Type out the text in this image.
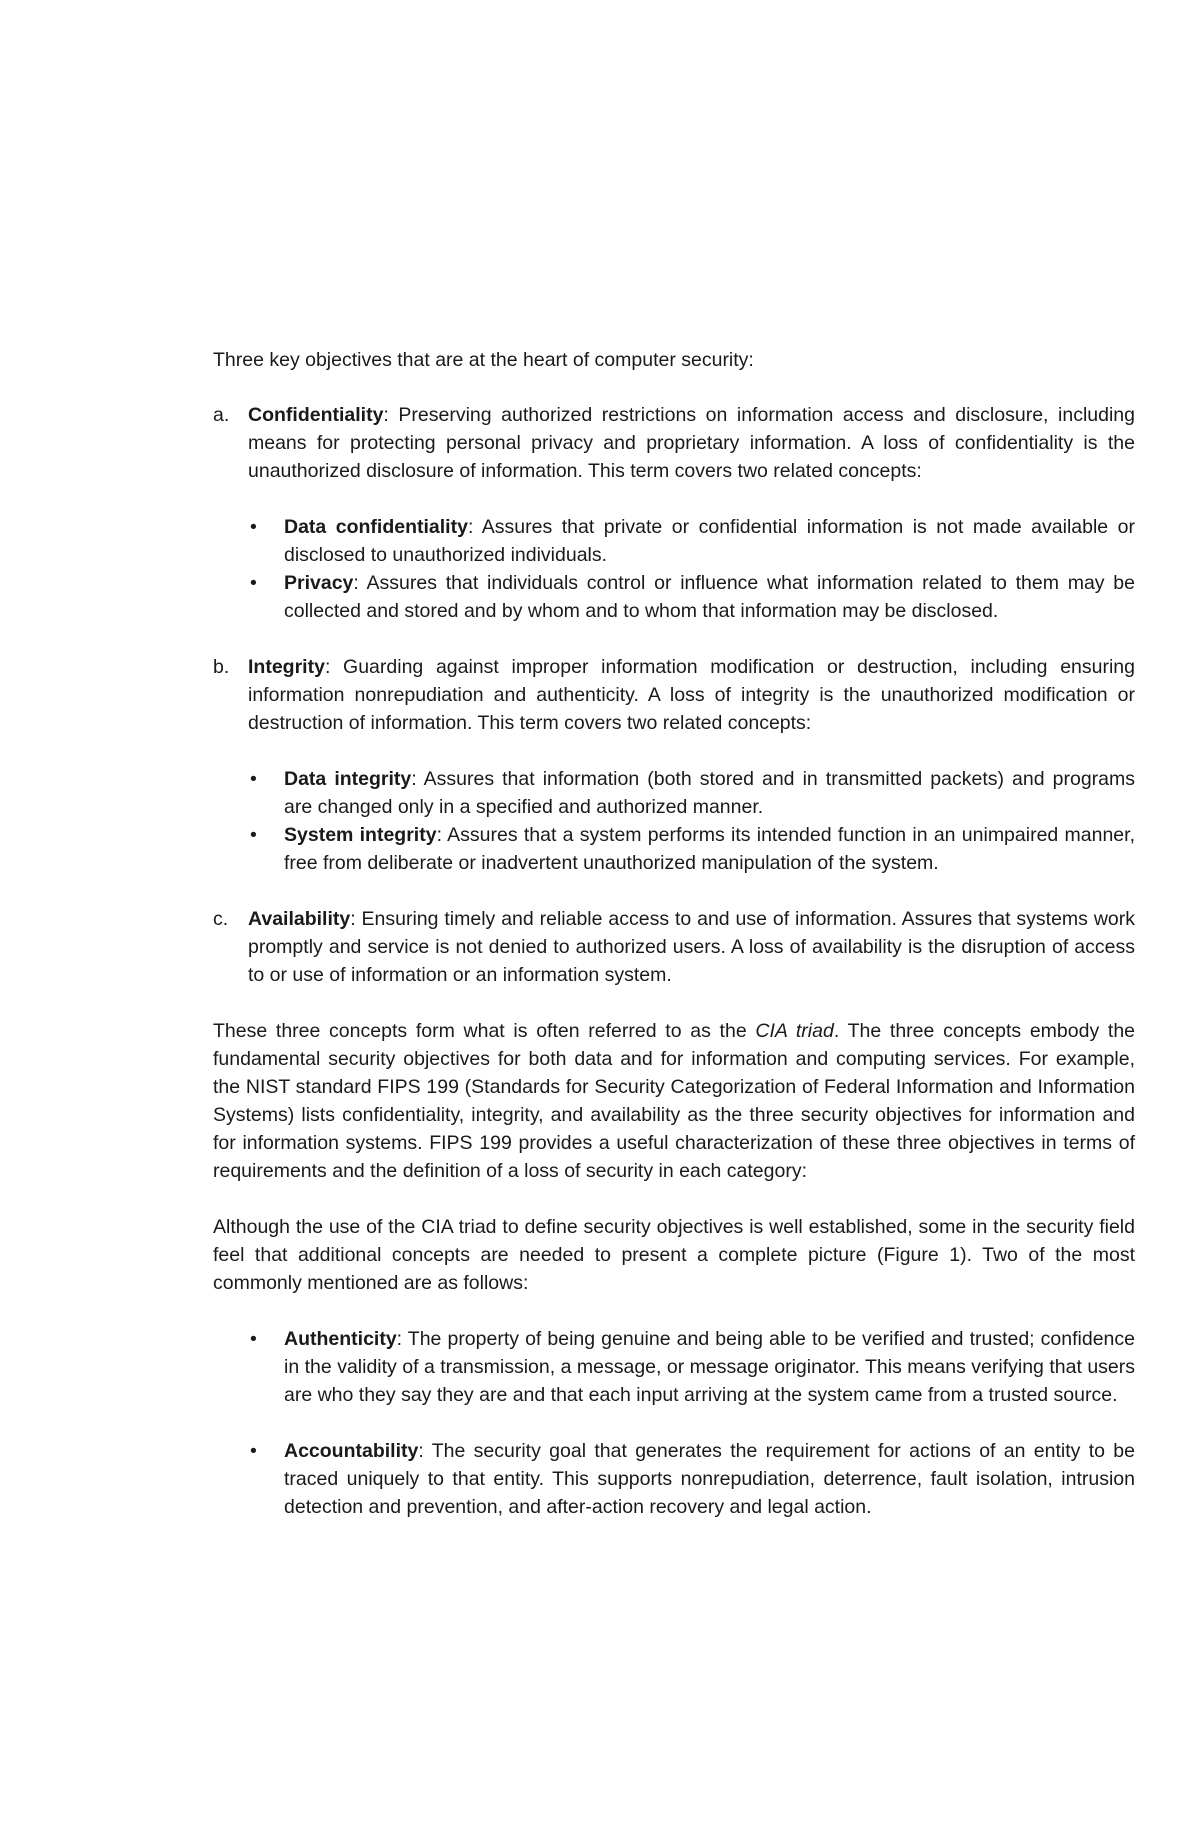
Three key objectives that are at the heart of computer security:

a. Confidentiality: Preserving authorized restrictions on information access and disclosure, including means for protecting personal privacy and proprietary information. A loss of confidentiality is the unauthorized disclosure of information. This term covers two related concepts:

•	Data confidentiality: Assures that private or confidential information is not made available or disclosed to unauthorized individuals.
•	Privacy: Assures that individuals control or influence what information related to them may be collected and stored and by whom and to whom that information may be disclosed.
b. Integrity: Guarding against improper information modification or destruction, including ensuring information nonrepudiation and authenticity. A loss of integrity is the unauthorized modification or destruction of information. This term covers two related concepts:

•	Data integrity: Assures that information (both stored and in transmitted packets) and programs are changed only in a specified and authorized manner.
•	System integrity: Assures that a system performs its intended function in an unimpaired manner, free from deliberate or inadvertent unauthorized manipulation of the system.
c.	Availability: Ensuring timely and reliable access to and use of information. Assures that systems work promptly and service is not denied to authorized users. A loss of availability is the disruption of access to or use of information or an information system.

These three concepts form what is often referred to as the CIA triad. The three concepts embody the fundamental security objectives for both data and for information and computing services. For example, the NIST standard FIPS 199 (Standards for Security Categorization of Federal Information and Information Systems) lists confidentiality, integrity, and availability as the three security objectives for information and for information systems. FIPS 199 provides a useful characterization of these three objectives in terms of requirements and the definition of a loss of security in each category:

Although the use of the CIA triad to define security objectives is well established, some in the security field feel that additional concepts are needed to present a complete picture (Figure 1). Two of the most commonly mentioned are as follows:

•	Authenticity: The property of being genuine and being able to be verified and trusted; confidence in the validity of a transmission, a message, or message originator. This means verifying that users are who they say they are and that each input arriving at the system came from a trusted source.
•	Accountability: The security goal that generates the requirement for actions of an entity to be traced uniquely to that entity. This supports nonrepudiation, deterrence, fault isolation, intrusion detection and prevention, and after-action recovery and legal action.
